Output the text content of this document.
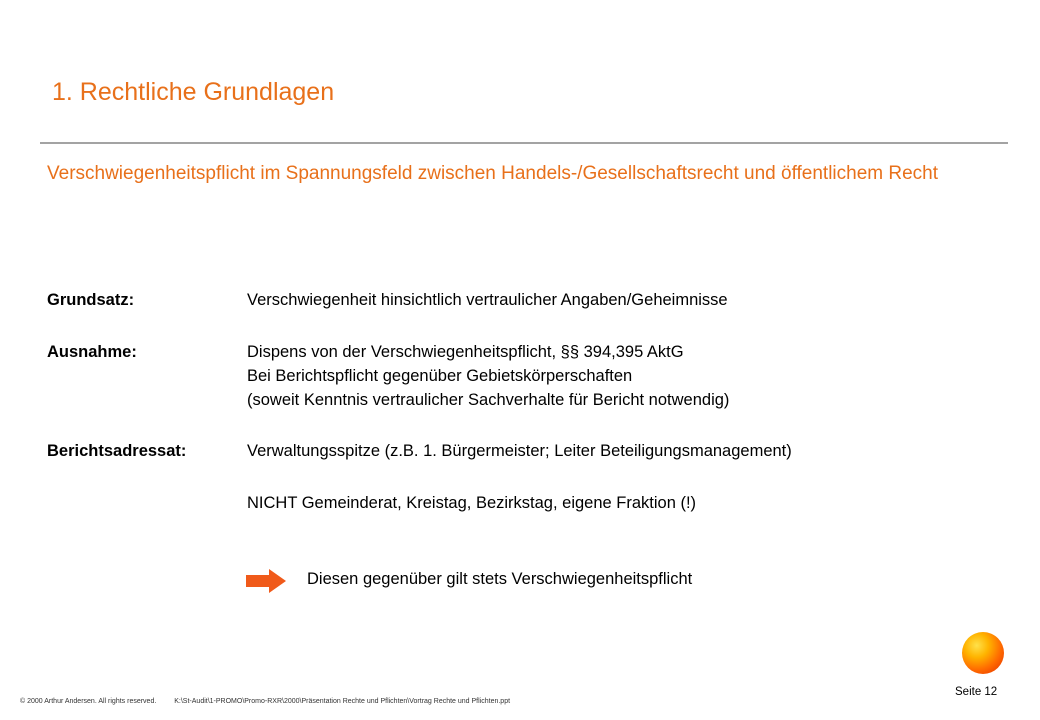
1. Rechtliche Grundlagen
Verschwiegenheitspflicht im Spannungsfeld zwischen Handels-/Gesellschaftsrecht und öffentlichem Recht
Grundsatz:	Verschwiegenheit hinsichtlich vertraulicher Angaben/Geheimnisse
Ausnahme:	Dispens von der Verschwiegenheitspflicht, §§ 394,395 AktG
Bei Berichtspflicht gegenüber Gebietskörperschaften
(soweit Kenntnis vertraulicher Sachverhalte für Bericht notwendig)
Berichtsadressat:	Verwaltungsspitze (z.B. 1. Bürgermeister; Leiter Beteiligungsmanagement)
NICHT Gemeinderat, Kreistag, Bezirkstag, eigene Fraktion (!)
Diesen gegenüber gilt stets Verschwiegenheitspflicht
© 2000 Arthur Andersen. All rights reserved.	K:\St-Audit\1-PROMO\Promo-RXR\2000\Präsentation Rechte und Pflichten\Vortrag Rechte und Pflichten.ppt
Seite 12
